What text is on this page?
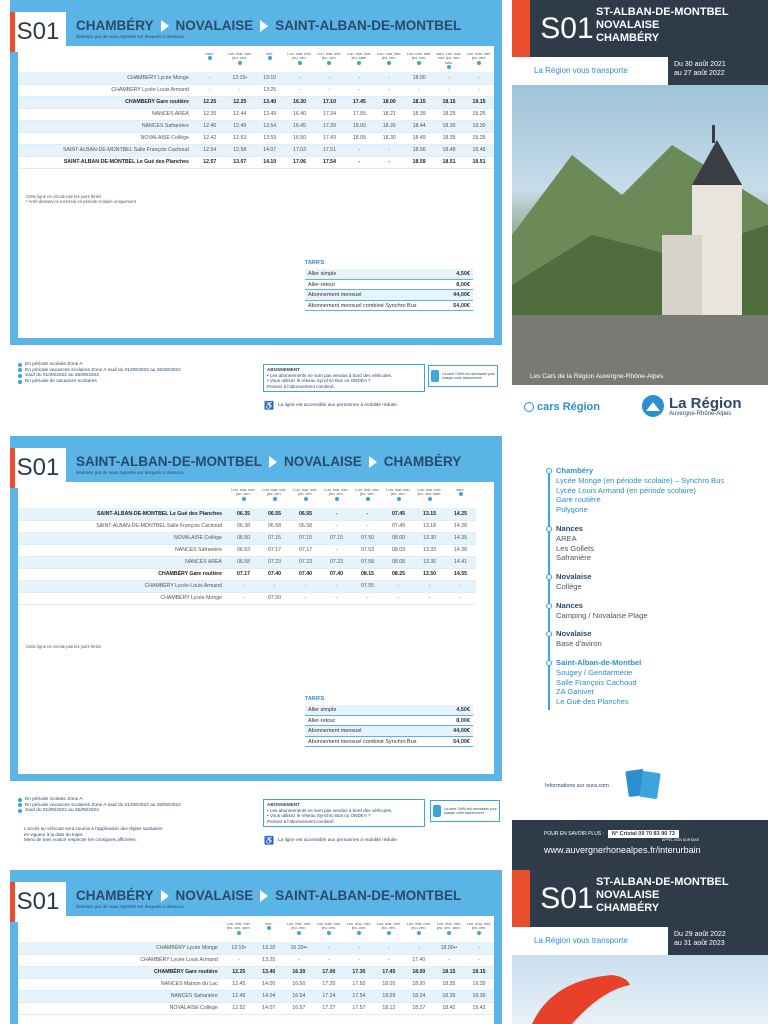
S01 CHAMBÉRY NOVALAISE SAINT-ALBAN-DE-MONTBEL
Itinéraire par de sous reportés sur lesquels ci dessous
	sam.	Lun. mar. mer. jeu. ven.	mer.	Lun. mar. mer. jeu. ven.	Lun. mar. mer. jeu. ven.	Lun. mar. mer. jeu. sam.	Lun. mar. mer. jeu. ven.	Lun. mar. mer. jeu. ven.	sam. Lun. mar. mer. jeu. ven. sam.	Lun. mar. mer. jeu. ven.

CHAMBERY Lycée Monge	-	12:15•	13:10	-	-	-	-	18:00	-	-
CHAMBERY Lycée Louis Armand	-	-	13:25	-	-	-	-	-	-	-
CHAMBERY Gare routière	12.25	12.25	13.40	16.30	17.10	17.45	18.00	18.15	18.15	19.15
NANCES AREA	12.35	12.44	13.49	16.40	17.34	17.55	18.21	18.39	18.25	19.25
NANCES Safranière	12.40	12.49	13.54	16.45	17.39	18.00	18.26	18.44	18.30	19.30
NOVALAISE Collège	12.42	12.53	13.59	16.50	17.43	18.05	18.30	18.49	18.35	19.35
SAINT-ALBAN-DE-MONTBEL Salle François Cachoud	12.54	12.58	14.07	17.03	17.51	-	-	18.56	18.48	19.48
SAINT-ALBAN-DE-MONTBEL Le Gué des Planches	12.57	13.07	14.10	17.06	17.54	-	-	18.59	18.51	19.51
Cette ligne ne circule pas les jours fériés
* Arrêt desservi le mercredi en période scolaire uniquement
TARIFS
Aller simple	4,50€
Aller-retour	8,00€
Abonnement mensuel	44,00€
Abonnement mensuel combiné Synchro Bus	54,00€
En période scolaire Zone A
En période vacances scolaires Zone A sauf du 01/08/2022 au 26/08/2022
Sauf du 01/08/2022 au 26/08/2022
En période de vacances scolaires
ABONNEMENT
• Les abonnements ne sont pas vendus à bord des véhicules.
• Vous utilisez le réseau Synchro Bus ou ONDÉA ?
Pensez à l'abonnement combiné.
La carte OùRA est nécessaire pour charger votre abonnement
♿ La ligne est accessible aux personnes à mobilité réduite
S01 SAINT-ALBAN-DE-MONTBEL NOVALAISE CHAMBÉRY
Itinéraire par de sous reportés sur lesquels ci dessous
	Lun. mar. mer. jeu. ven.	Lun. mar. mer. jeu. ven.	Lun. mar. mer. jeu. ven.	Lun. mar. mer. jeu. ven.	Lun. mar. mer. jeu. ven.	Lun. mar. mer. jeu. ven.	Lun. mar. mer. jeu. ven. sam.	sam.

SAINT-ALBAN-DE-MONTBEL Le Gué des Planches	06.35	06.55	06.55	-	-	07.45	13.15	14.25
SAINT-ALBAN-DE-MONTBEL Salle François Cachoud	06.38	06.58	06.58	-	-	07.49	13.18	14.28
NOVALAISE Collège	06.50	07.15	07.15	07.15	07.50	08.00	13.30	14.35
NANCES Safranière	06.53	07.17	07.17	-	07.53	08.03	13.33	14.38
NANCES AREA	06.58	07.23	07.23	07.23	07.58	08.08	13.36	14.41
CHAMBÉRY Gare routière	07.17	07.40	07.40	07.40	08.15	08.25	13.50	14.55
CHAMBÉRY Lycée Louis Armand	-	-	-	-	07.55	-	-	-
CHAMBÉRY Lycée Monge	-	07.50	-	-	-	-	-	-
Cette ligne ne circule pas les jours fériés
TARIFS
Aller simple	4,50€
Aller-retour	8,00€
Abonnement mensuel	44,00€
Abonnement mensuel combiné Synchro Bus	54,00€
En période scolaire Zone A
En période vacances scolaires Zone A sauf du 01/08/2022 au 26/08/2022
Sauf du 01/08/2022 au 26/08/2022
L'accès au véhicule sera soumis à l'application des règles sanitaires
en vigueur à la date du trajet.
Merci de bien vouloir respecter les consignes affichées.
ABONNEMENT
• Les abonnements ne sont pas vendus à bord des véhicules.
• Vous utilisez le réseau Synchro Bus ou ONDÉA ?
Pensez à l'abonnement combiné.
La carte OùRA est nécessaire pour charger votre abonnement
♿ La ligne est accessible aux personnes à mobilité réduite
S01 CHAMBÉRY NOVALAISE SAINT-ALBAN-DE-MONTBEL
Itinéraire par de sous reportés sur lesquels ci dessous
	Lun. mar. mer. jeu. ven. sam.	mer.	Lun. mar. mer. jeu. ven.	Lun. mar. mer. jeu. ven.	Lun. mar. mer. jeu. ven.	Lun. mar. mer. jeu. ven.	Lun. mar. mer. jeu. ven.	Lun. mar. mer. jeu. ven. sam.	Lun. mar. mer. jeu. ven.

CHAMBÉRY Lycée Monge	12:15•	13.10	16.20••	-	-	-	-	18.00••	-
CHAMBÉRY Lycée Louis Armand	-	13.25	-	-	-	-	17.40	-	-
CHAMBÉRY Gare routière	12.25	13.40	16.30	17.00	17.30	17.45	18.00	18.15	19.15
NANCES Maison du Lac	12.45	14.00	16.50	17.20	17.50	18.05	18.20	18.35	19.35
NANCES Safranière	12.49	14.04	16.54	17.24	17.54	18.09	18.24	18.39	19.39
NOVALAISE Collège	12.52	14.07	16.57	17.27	17.57	18.12	18.27	18.42	19.42
S01 ST-ALBAN-DE-MONTBEL
NOVALAISE
CHAMBÉRY
La Région vous transporte
Du 30 août 2021
au 27 août 2022
Les Cars de la Région Auvergne-Rhône-Alpes
cars Région	La Région
Auvergne-Rhône-Alpes
Chambéry
Lycée Monge (en période scolaire) – Synchro Bus
Lycée Louis Armand (en période scolaire)
Gare routière
Polygone
Nances
AREA
Les Gollets
Safranière
Novalaise
Collège
Nances
Camping / Novalaise Plage
Novalaise
Base d'aviron
Saint-Alban-de-Montbel
Sougey / Gendarmerie
Salle François Cachoud
ZA Ganivet
Le Gué des Planches
Informations sur oura.com
POUR EN SAVOIR PLUS :	N° Cristal 09 70 83 90 73
APPEL NON SURTAXÉ
www.auvergnerhonealpes.fr/interurbain
S01 ST-ALBAN-DE-MONTBEL
NOVALAISE
CHAMBÉRY
La Région vous transporte
Du 29 août 2022
au 31 août 2023
